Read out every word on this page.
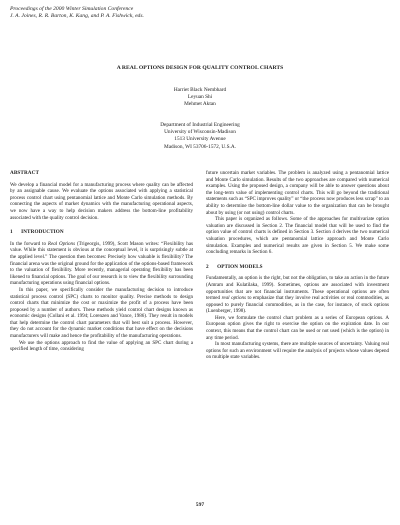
Proceedings of the 2000 Winter Simulation Conference
J. A. Joines, R. R. Barton, K. Kang, and P. A. Fishwick, eds.
A REAL OPTIONS DESIGN FOR QUALITY CONTROL CHARTS
Harriet Black Nembhard
Leyuan Shi
Mehmet Aktan
Department of Industrial Engineering
University of Wisconsin-Madison
1513 University Avenue
Madison, WI 53706-1572, U.S.A.
ABSTRACT
We develop a financial model for a manufacturing process where quality can be affected by an assignable cause. We evaluate the options associated with applying a statistical process control chart using pentanomial lattice and Monte Carlo simulation methods. By connecting the aspects of market dynamics with the manufacturing operational aspects, we now have a way to help decision makers address the bottom-line profitability associated with the quality control decision.
1      INTRODUCTION
In the forward to Real Options (Trigeorgis, 1999), Scott Mason writes: “Flexibility has value. While this statement is obvious at the conceptual level, it is surprisingly subtle at the applied level.” The question then becomes: Precisely how valuable is flexibility? The financial arena was the original ground for the application of the options-based framework to the valuation of flexibility. More recently, managerial operating flexibility has been likened to financial options. The goal of our research is to view the flexibility surrounding manufacturing operations using financial options.
In this paper, we specifically consider the manufacturing decision to introduce statistical process control (SPC) charts to monitor quality. Precise methods to design control charts that minimize the cost or maximize the profit of a process have been proposed by a number of authors. These methods yield control chart designs known as economic designs (Collani et al. 1994; Lorenzen and Vance, 1986). They result in models that help determine the control chart parameters that will best suit a process. However, they do not account for the dynamic market conditions that have effect on the decisions manufacturers will make and hence the profitability of the manufacturing operations.
We use the options approach to find the value of applying an SPC chart during a specified length of time, considering
future uncertain market variables. The problem is analyzed using a pentanomial lattice and Monte Carlo simulation. Results of the two approaches are compared with numerical examples. Using the proposed design, a company will be able to answer questions about the long-term value of implementing control charts. This will go beyond the traditional statements such as “SPC improves quality” or “the process now produces less scrap” to an ability to determine the bottom-line dollar value to the organization that can be brought about by using (or not using) control charts.
This paper is organized as follows. Some of the approaches for multivariate option valuation are discussed in Section 2. The financial model that will be used to find the option value of control charts is defined in Section 3. Section 4 derives the two numerical valuation procedures, which are pentanomial lattice approach and Monte Carlo simulation. Examples and numerical results are given in Section 5. We make some concluding remarks in Section 6.
2      OPTION MODELS
Fundamentally, an option is the right, but not the obligation, to take an action in the future (Amram and Kulatilaka, 1999). Sometimes, options are associated with investment opportunities that are not financial instruments. These operational options are often termed real options to emphasize that they involve real activities or real commodities, as opposed to purely financial commodities, as in the case, for instance, of stock options (Luenberger, 1998).
Here, we formulate the control chart problem as a series of European options. A European option gives the right to exercise the option on the expiration date. In our context, this means that the control chart can be used or not used (which is the option) in any time period.
In most manufacturing systems, there are multiple sources of uncertainty. Valuing real options for such an environment will require the analysis of projects whose values depend on multiple state variables.
597
